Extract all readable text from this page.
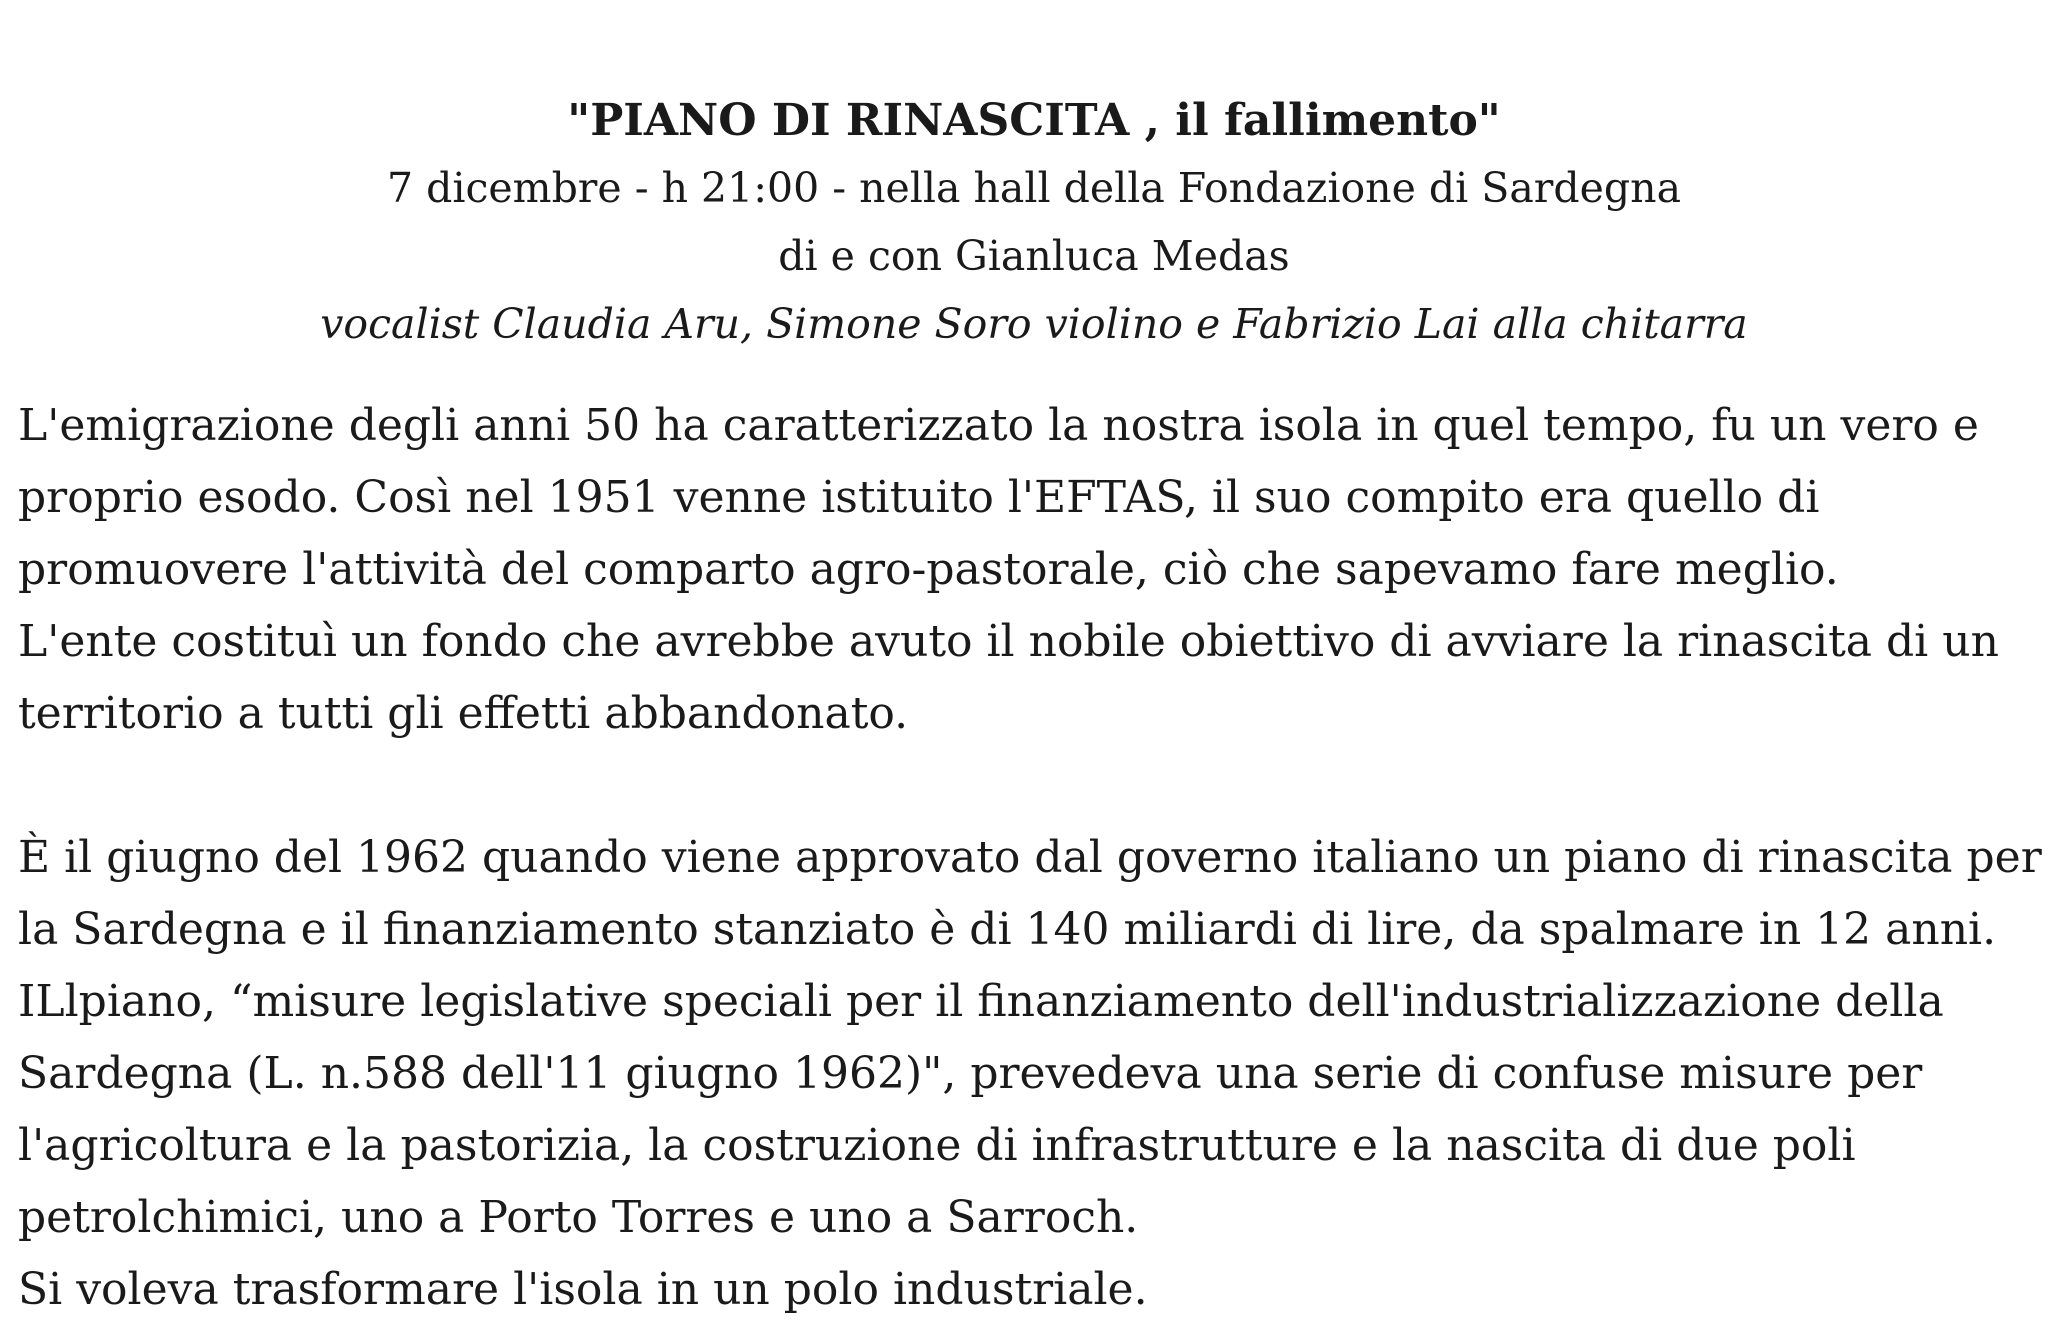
"PIANO DI RINASCITA , il fallimento"

7 dicembre - h 21:00 - nella hall della Fondazione di Sardegna

di e con Gianluca Medas

vocalist Claudia Aru, Simone Soro violino e Fabrizio Lai alla chitarra

L'emigrazione degli anni 50 ha caratterizzato la nostra isola in quel tempo, fu un vero e
proprio esodo. Così nel 1951 venne istituito l'EFTAS, il suo compito era quello di
promuovere l'attività del comparto agro-pastorale, ciò che sapevamo fare meglio.
L'ente costituì un fondo che avrebbe avuto il nobile obiettivo di avviare la rinascita di un
territorio a tutti gli effetti abbandonato.
È il giugno del 1962 quando viene approvato dal governo italiano un piano di rinascita per
la Sardegna e il finanziamento stanziato è di 140 miliardi di lire, da spalmare in 12 anni.
ILlpiano, “misure legislative speciali per il finanziamento dell'industrializzazione della
Sardegna (L. n.588 dell'11 giugno 1962)", prevedeva una serie di confuse misure per
l'agricoltura e la pastorizia, la costruzione di infrastrutture e la nascita di due poli
petrolchimici, uno a Porto Torres e uno a Sarroch.
Si voleva trasformare l'isola in un polo industriale.
